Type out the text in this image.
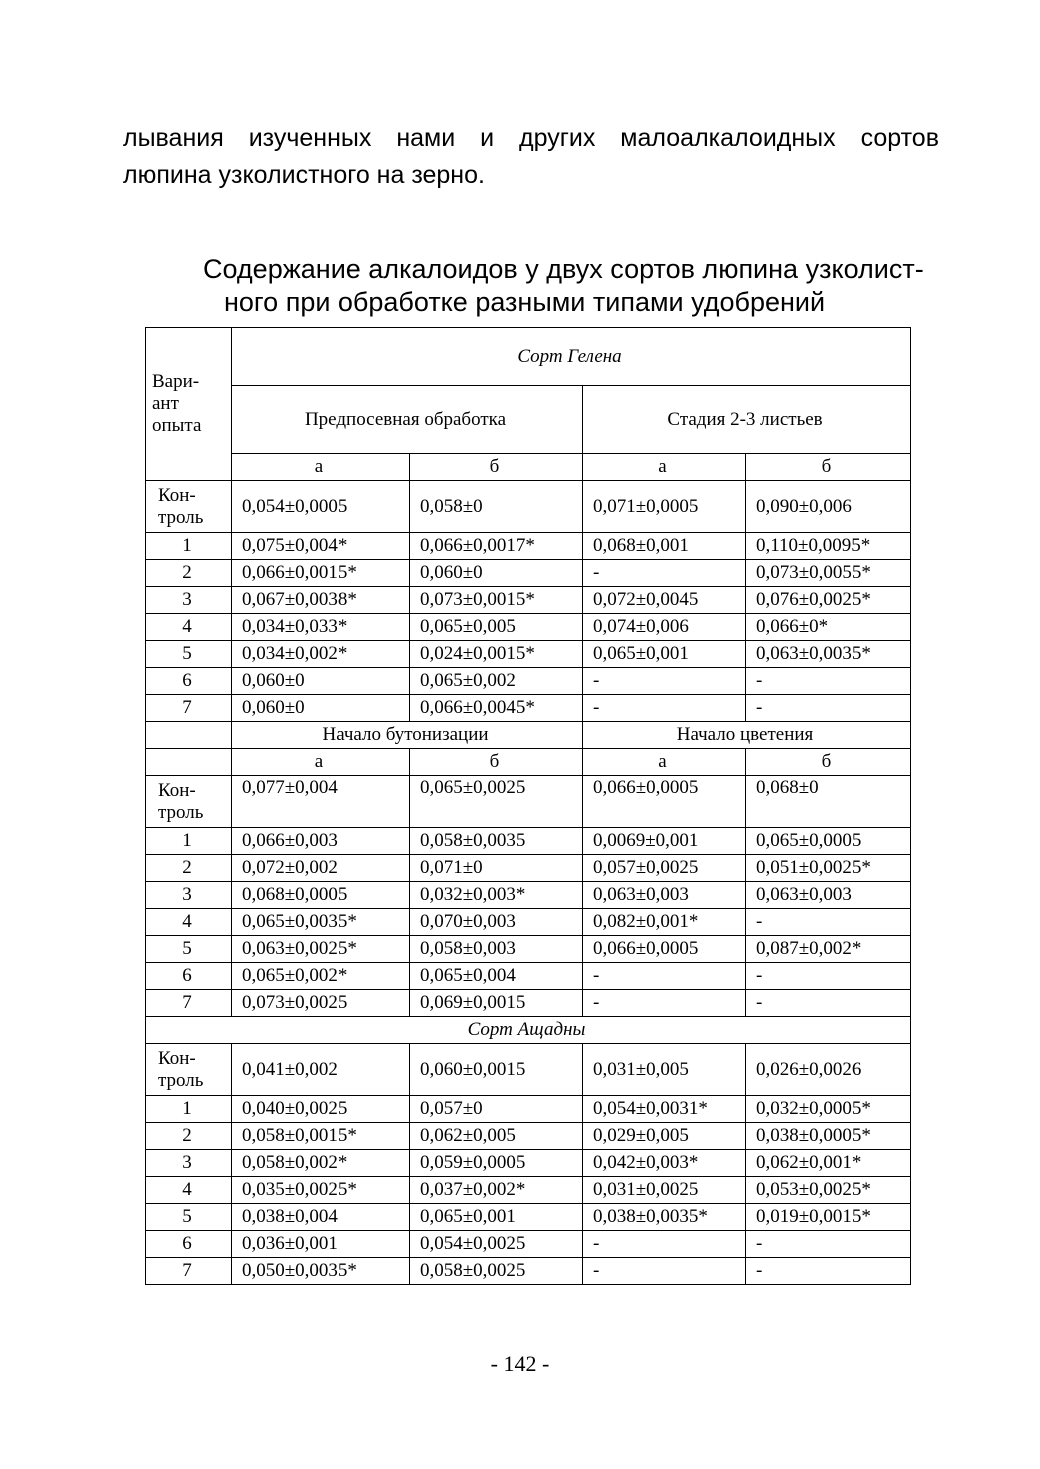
лывания изученных нами и других малоалкалоидных сортов
люпина узколистного на зерно.
Содержание алкалоидов у двух сортов люпина узколист-
ного при обработке разными типами удобрений
Вари-
ант
опыта	Сорт Гелена			
	Предпосевная обработка		Стадия 2-3 листьев	
	а	б	а	б
Кон-
троль	0,054±0,0005	0,058±0	0,071±0,0005	0,090±0,006
1	0,075±0,004*	0,066±0,0017*	0,068±0,001	0,110±0,0095*
2	0,066±0,0015*	0,060±0	-	0,073±0,0055*
3	0,067±0,0038*	0,073±0,0015*	0,072±0,0045	0,076±0,0025*
4	0,034±0,033*	0,065±0,005	0,074±0,006	0,066±0*
5	0,034±0,002*	0,024±0,0015*	0,065±0,001	0,063±0,0035*
6	0,060±0	0,065±0,002	-	-
7	0,060±0	0,066±0,0045*	-	-
	Начало бутонизации		Начало цветения	
	а	б	а	б
Кон-
троль	0,077±0,004	0,065±0,0025	0,066±0,0005	0,068±0
1	0,066±0,003	0,058±0,0035	0,0069±0,001	0,065±0,0005
2	0,072±0,002	0,071±0	0,057±0,0025	0,051±0,0025*
3	0,068±0,0005	0,032±0,003*	0,063±0,003	0,063±0,003
4	0,065±0,0035*	0,070±0,003	0,082±0,001*	-
5	0,063±0,0025*	0,058±0,003	0,066±0,0005	0,087±0,002*
6	0,065±0,002*	0,065±0,004	-	-
7	0,073±0,0025	0,069±0,0015	-	-
Сорт Ащадны				
Кон-
троль	0,041±0,002	0,060±0,0015	0,031±0,005	0,026±0,0026
1	0,040±0,0025	0,057±0	0,054±0,0031*	0,032±0,0005*
2	0,058±0,0015*	0,062±0,005	0,029±0,005	0,038±0,0005*
3	0,058±0,002*	0,059±0,0005	0,042±0,003*	0,062±0,001*
4	0,035±0,0025*	0,037±0,002*	0,031±0,0025	0,053±0,0025*
5	0,038±0,004	0,065±0,001	0,038±0,0035*	0,019±0,0015*
6	0,036±0,001	0,054±0,0025	-	-
7	0,050±0,0035*	0,058±0,0025	-	-
- 142 -
